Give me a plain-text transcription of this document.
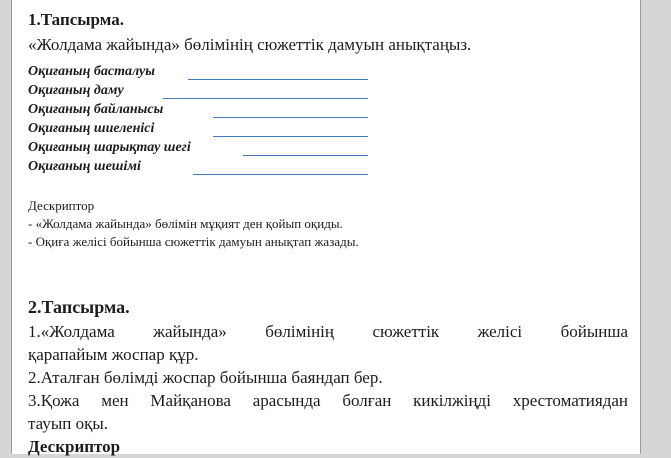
1.Тапсырма.
«Жолдама жайында» бөлімінің сюжеттік дамуын анықтаңыз.
Оқиғаның басталуы
Оқиғаның даму
Оқиғаның байланысы
Оқиғаның шиеленісі
Оқиғаның шарықтау шегі
Оқиғаның шешімі
Дескриптор
- «Жолдама жайында» бөлімін мұқият ден қойып оқиды.
- Оқиға желісі бойынша сюжеттік дамуын анықтап жазады.
2.Тапсырма.

1.«Жолдама жайында» бөлімінің сюжеттік желісі бойынша

қарапайым жоспар құр.

2.Аталған бөлімді жоспар бойынша баяндап бер.

3.Қожа мен Майқанова арасында болған кикілжіңді хрестоматиядан

тауып оқы.

Дескриптор
